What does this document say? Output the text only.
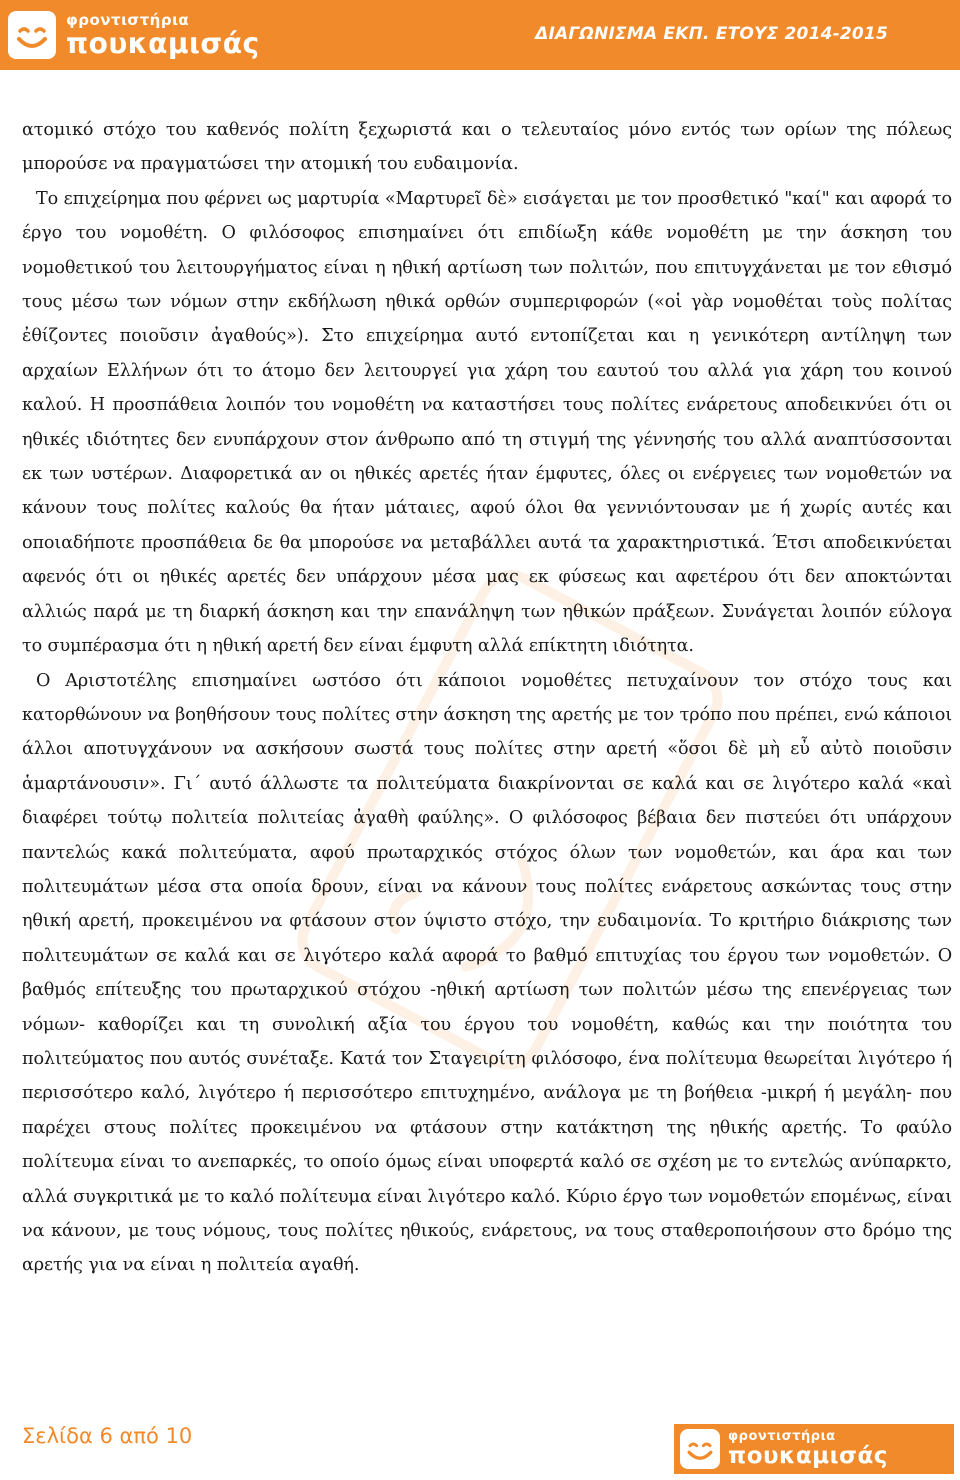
φροντιστήρια
πουκαμισάς	ΔΙΑΓΩΝΙΣΜΑ ΕΚΠ. ΕΤΟΥΣ 2014-2015

ατομικό στόχο του καθενός πολίτη ξεχωριστά και ο τελευταίος μόνο εντός των ορίων της πόλεως μπορούσε να πραγματώσει την ατομική του ευδαιμονία.

Το επιχείρημα που φέρνει ως μαρτυρία «Μαρτυρεῖ δὲ» εισάγεται με τον προσθετικό "καί" και αφορά το έργο του νομοθέτη. Ο φιλόσοφος επισημαίνει ότι επιδίωξη κάθε νομοθέτη με την άσκηση του νομοθετικού του λειτουργήματος είναι η ηθική αρτίωση των πολιτών, που επιτυγχάνεται με τον εθισμό τους μέσω των νόμων στην εκδήλωση ηθικά ορθών συμπεριφορών («οἱ γὰρ νομοθέται τοὺς πολίτας ἐθίζοντες ποιοῦσιν ἀγαθούς»). Στο επιχείρημα αυτό εντοπίζεται και η γενικότερη αντίληψη των αρχαίων Ελλήνων ότι το άτομο δεν λειτουργεί για χάρη του εαυτού του αλλά για χάρη του κοινού καλού. Η προσπάθεια λοιπόν του νομοθέτη να καταστήσει τους πολίτες ενάρετους αποδεικνύει ότι οι ηθικές ιδιότητες δεν ενυπάρχουν στον άνθρωπο από τη στιγμή της γέννησής του αλλά αναπτύσσονται εκ των υστέρων. Διαφορετικά αν οι ηθικές αρετές ήταν έμφυτες, όλες οι ενέργειες των νομοθετών να κάνουν τους πολίτες καλούς θα ήταν μάταιες, αφού όλοι θα γεννιόντουσαν με ή χωρίς αυτές και οποιαδήποτε προσπάθεια δε θα μπορούσε να μεταβάλλει αυτά τα χαρακτηριστικά. Έτσι αποδεικνύεται αφενός ότι οι ηθικές αρετές δεν υπάρχουν μέσα μας εκ φύσεως και αφετέρου ότι δεν αποκτώνται αλλιώς παρά με τη διαρκή άσκηση και την επανάληψη των ηθικών πράξεων. Συνάγεται λοιπόν εύλογα το συμπέρασμα ότι η ηθική αρετή δεν είναι έμφυτη αλλά επίκτητη ιδιότητα.

Ο Αριστοτέλης επισημαίνει ωστόσο ότι κάποιοι νομοθέτες πετυχαίνουν τον στόχο τους και κατορθώνουν να βοηθήσουν τους πολίτες στην άσκηση της αρετής με τον τρόπο που πρέπει, ενώ κάποιοι άλλοι αποτυγχάνουν να ασκήσουν σωστά τους πολίτες στην αρετή «ὅσοι δὲ μὴ εὖ αὐτὸ ποιοῦσιν ἁμαρτάνουσιν». Γι΄ αυτό άλλωστε τα πολιτεύματα διακρίνονται σε καλά και σε λιγότερο καλά «καὶ διαφέρει τούτῳ πολιτεία πολιτείας ἀγαθὴ φαύλης». Ο φιλόσοφος βέβαια δεν πιστεύει ότι υπάρχουν παντελώς κακά πολιτεύματα, αφού πρωταρχικός στόχος όλων των νομοθετών, και άρα και των πολιτευμάτων μέσα στα οποία δρουν, είναι να κάνουν τους πολίτες ενάρετους ασκώντας τους στην ηθική αρετή, προκειμένου να φτάσουν στον ύψιστο στόχο, την ευδαιμονία. Το κριτήριο διάκρισης των πολιτευμάτων σε καλά και σε λιγότερο καλά αφορά το βαθμό επιτυχίας του έργου των νομοθετών. Ο βαθμός επίτευξης του πρωταρχικού στόχου -ηθική αρτίωση των πολιτών μέσω της επενέργειας των νόμων- καθορίζει και τη συνολική αξία του έργου του νομοθέτη, καθώς και την ποιότητα του πολιτεύματος που αυτός συνέταξε. Κατά τον Σταγειρίτη φιλόσοφο, ένα πολίτευμα θεωρείται λιγότερο ή περισσότερο καλό, λιγότερο ή περισσότερο επιτυχημένο, ανάλογα με τη βοήθεια -μικρή ή μεγάλη- που παρέχει στους πολίτες προκειμένου να φτάσουν στην κατάκτηση της ηθικής αρετής. Το φαύλο πολίτευμα είναι το ανεπαρκές, το οποίο όμως είναι υποφερτά καλό σε σχέση με το εντελώς ανύπαρκτο, αλλά συγκριτικά με το καλό πολίτευμα είναι λιγότερο καλό. Κύριο έργο των νομοθετών επομένως, είναι να κάνουν, με τους νόμους, τους πολίτες ηθικούς, ενάρετους, να τους σταθεροποιήσουν στο δρόμο της αρετής για να είναι η πολιτεία αγαθή.

Σελίδα 6 από 10	φροντιστήρια
πουκαμισάς
